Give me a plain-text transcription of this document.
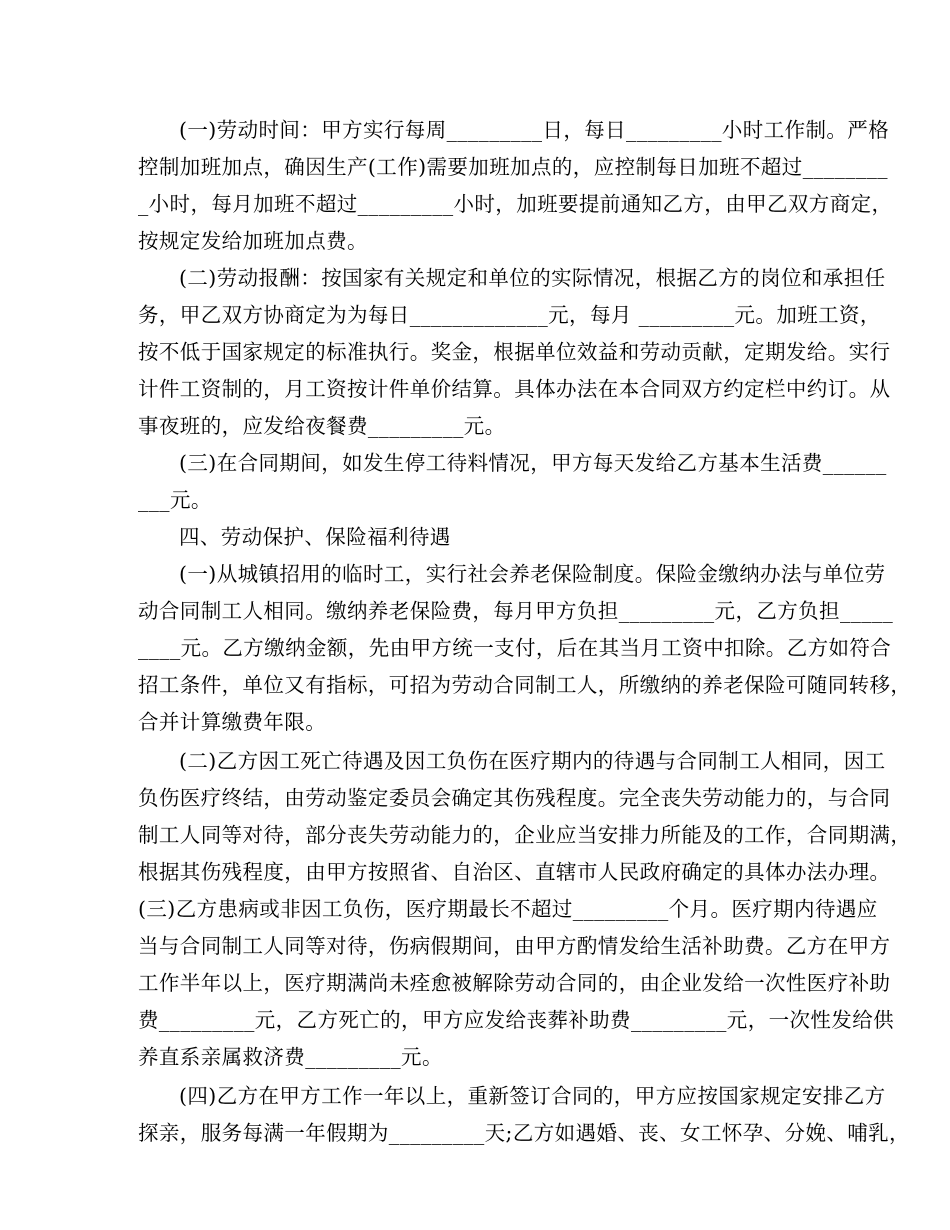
(一)劳动时间：甲方实行每周_________日，每日_________小时工作制。严格
控制加班加点，确因生产(工作)需要加班加点的，应控制每日加班不超过________
_小时，每月加班不超过_________小时，加班要提前通知乙方，由甲乙双方商定，
按规定发给加班加点费。
(二)劳动报酬：按国家有关规定和单位的实际情况，根据乙方的岗位和承担任
务，甲乙双方协商定为为每日_____________元，每月 _________元。加班工资，
按不低于国家规定的标准执行。奖金，根据单位效益和劳动贡献，定期发给。实行
计件工资制的，月工资按计件单价结算。具体办法在本合同双方约定栏中约订。从
事夜班的，应发给夜餐费_________元。
(三)在合同期间，如发生停工待料情况，甲方每天发给乙方基本生活费______
___元。
四、劳动保护、保险福利待遇
(一)从城镇招用的临时工，实行社会养老保险制度。保险金缴纳办法与单位劳
动合同制工人相同。缴纳养老保险费，每月甲方负担_________元，乙方负担_____
____元。乙方缴纳金额，先由甲方统一支付，后在其当月工资中扣除。乙方如符合
招工条件，单位又有指标，可招为劳动合同制工人，所缴纳的养老保险可随同转移，
合并计算缴费年限。
(二)乙方因工死亡待遇及因工负伤在医疗期内的待遇与合同制工人相同，因工
负伤医疗终结，由劳动鉴定委员会确定其伤残程度。完全丧失劳动能力的，与合同
制工人同等对待，部分丧失劳动能力的，企业应当安排力所能及的工作，合同期满，
根据其伤残程度，由甲方按照省、自治区、直辖市人民政府确定的具体办法办理。
(三)乙方患病或非因工负伤，医疗期最长不超过_________个月。医疗期内待遇应
当与合同制工人同等对待，伤病假期间，由甲方酌情发给生活补助费。乙方在甲方
工作半年以上，医疗期满尚未痊愈被解除劳动合同的，由企业发给一次性医疗补助
费_________元，乙方死亡的，甲方应发给丧葬补助费_________元，一次性发给供
养直系亲属救济费_________元。
(四)乙方在甲方工作一年以上，重新签订合同的，甲方应按国家规定安排乙方
探亲，服务每满一年假期为_________天;乙方如遇婚、丧、女工怀孕、分娩、哺乳，
